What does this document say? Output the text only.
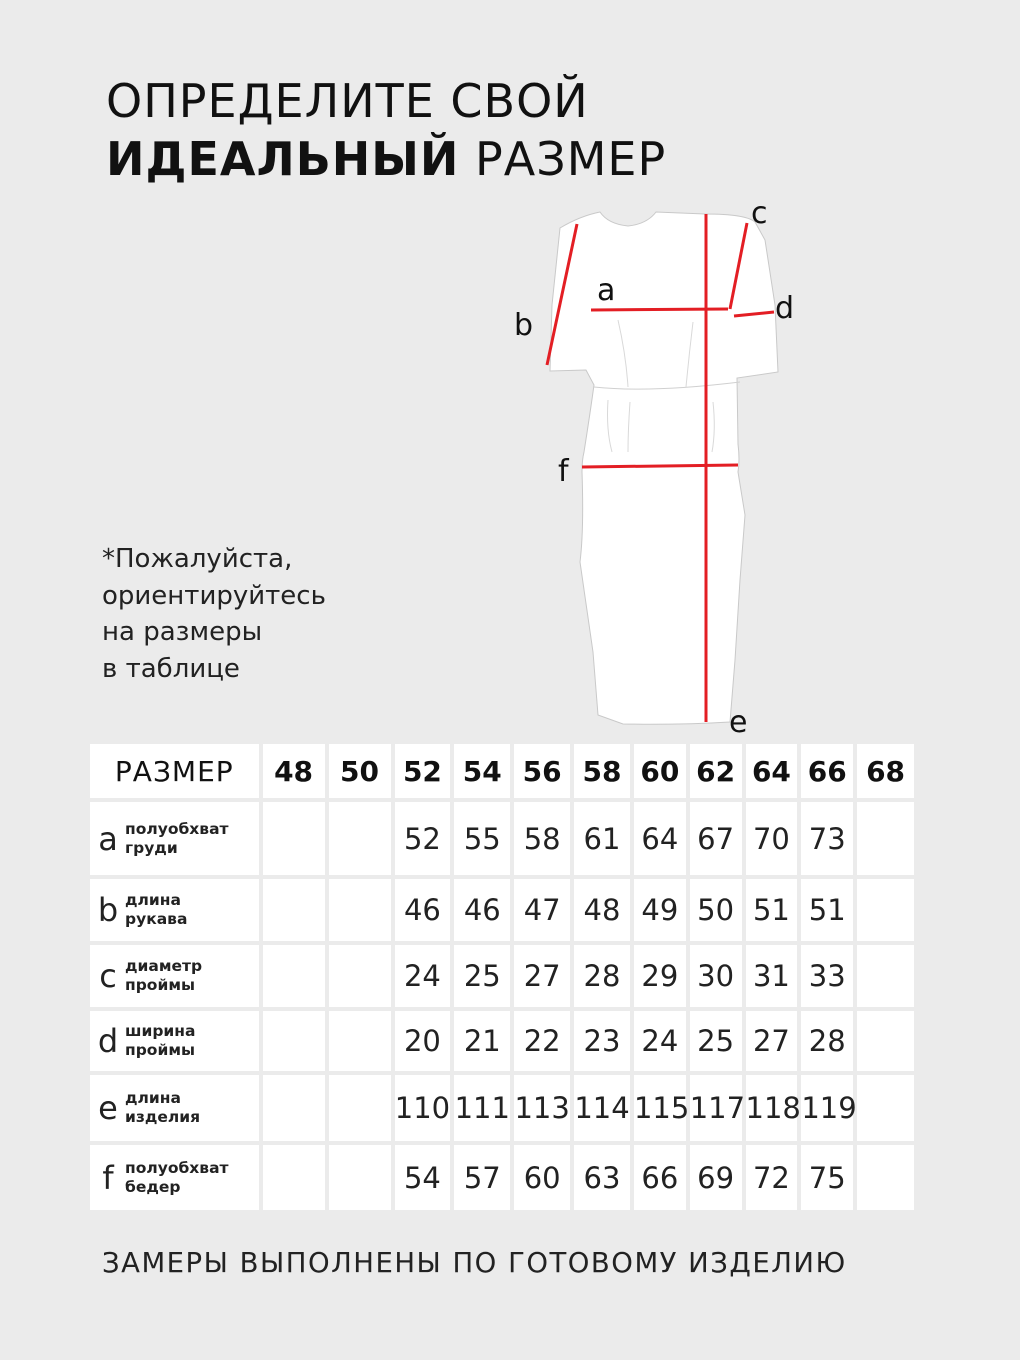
ОПРЕДЕЛИТЕ СВОЙ
ИДЕАЛЬНЫЙ РАЗМЕР
*Пожалуйста,
ориентируйтесь
на размеры
в таблице
a
b
c
d
e
f
РАЗМЕР	48	50	52	54	56	58	60	62	64	66	68

a полуобхват
груди			52	55	58	61	64	67	70	73	

b длина
рукава			46	46	47	48	49	50	51	51	

c диаметр
проймы			24	25	27	28	29	30	31	33	

d ширина
проймы			20	21	22	23	24	25	27	28	

e длина
изделия			110	111	113	114	115	117	118	119	

f полуобхват
бедер			54	57	60	63	66	69	72	75	
ЗАМЕРЫ ВЫПОЛНЕНЫ ПО ГОТОВОМУ ИЗДЕЛИЮ
